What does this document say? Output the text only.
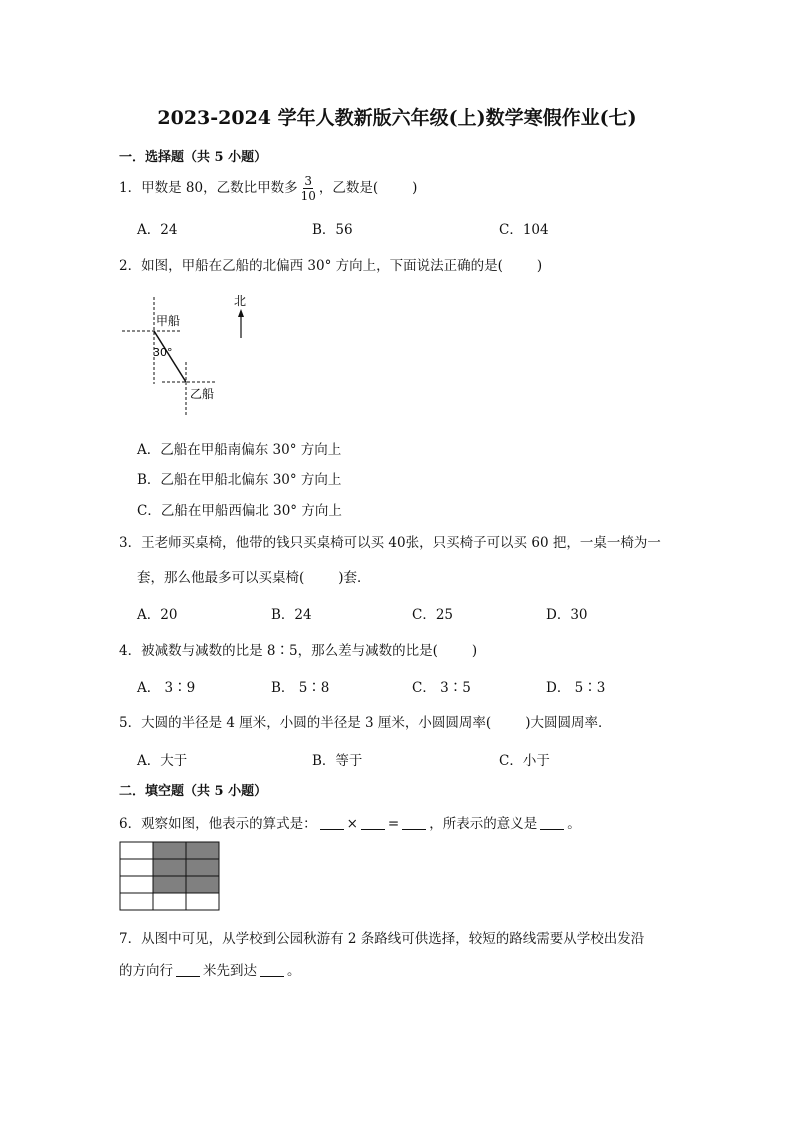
2023-2024 学年人教新版六年级(上)数学寒假作业(七)
一．选择题（共 5 小题）
1．甲数是 80，乙数比甲数多 $\frac{3}{10}$ ，乙数是(	)
A．24	B．56	C．104
2．如图，甲船在乙船的北偏西 30° 方向上，下面说法正确的是(	)
甲船
30°
乙船
北
A．乙船在甲船南偏东 30° 方向上
B．乙船在甲船北偏东 30° 方向上
C．乙船在甲船西偏北 30° 方向上
3．王老师买桌椅，他带的钱只买桌椅可以买 40张，只买椅子可以买 60 把，一桌一椅为一
套，那么他最多可以买桌椅(	)套．
A．20	B．24	C．25	D．30
4．被减数与减数的比是 8∶5，那么差与减数的比是(	)
A． 3∶9	B． 5∶8	C． 3∶5	D． 5∶3
5．大圆的半径是 4 厘米，小圆的半径是 3 厘米，小圆圆周率(	)大圆圆周率．
A．大于	B．等于	C．小于
二．填空题（共 5 小题）
6．观察如图，他表示的算式是： × = ，所表示的意义是 。
7．从图中可见，从学校到公园秋游有 2 条路线可供选择，较短的路线需要从学校出发沿
的方向行 米先到达 。
